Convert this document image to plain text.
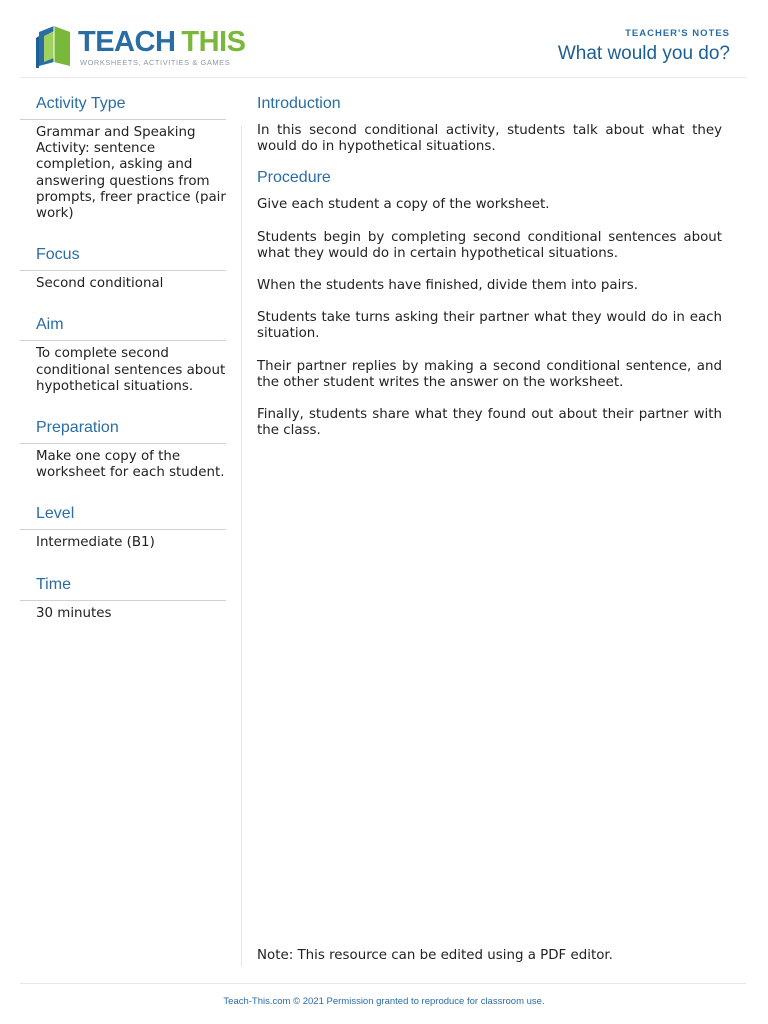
TEACH THIS
WORKSHEETS, ACTIVITIES & GAMES
TEACHER'S NOTES
What would you do?
Activity Type
Grammar and Speaking Activity: sentence completion, asking and answering questions from prompts, freer practice (pair work)
Focus
Second conditional
Aim
To complete second conditional sentences about hypothetical situations.
Preparation
Make one copy of the worksheet for each student.
Level
Intermediate (B1)
Time
30 minutes
Introduction

In this second conditional activity, students talk about what they would do in hypothetical situations.

Procedure

Give each student a copy of the worksheet.

Students begin by completing second conditional sentences about what they would do in certain hypothetical situations.

When the students have finished, divide them into pairs.

Students take turns asking their partner what they would do in each situation.

Their partner replies by making a second conditional sentence, and the other student writes the answer on the worksheet.

Finally, students share what they found out about their partner with the class.

Note: This resource can be edited using a PDF editor.
Teach-This.com © 2021 Permission granted to reproduce for classroom use.
